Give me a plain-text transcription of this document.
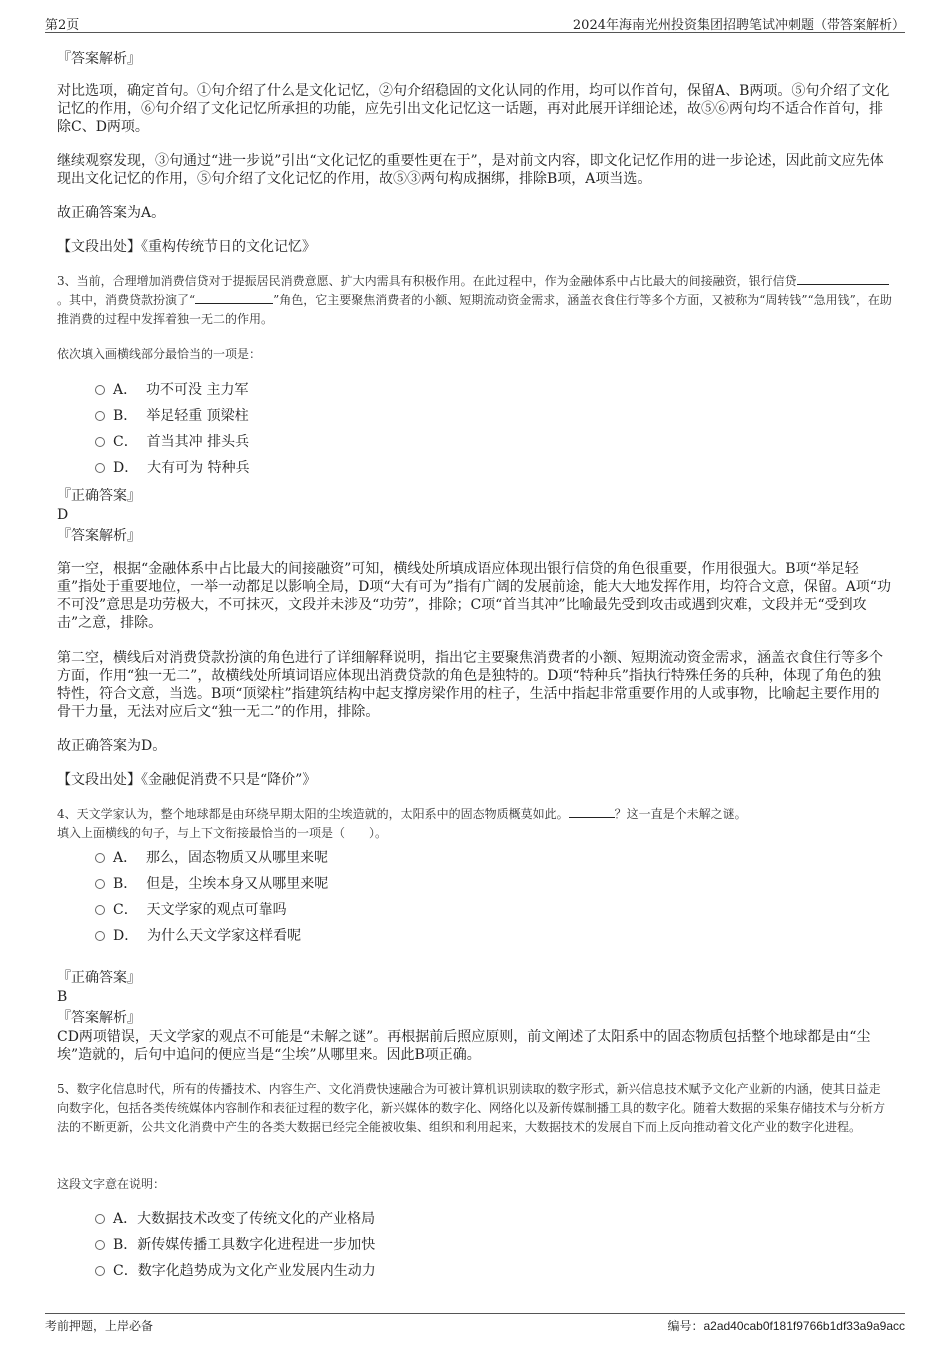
第2页	2024年海南光州投资集团招聘笔试冲刺题（带答案解析）
『答案解析』
对比选项，确定首句。①句介绍了什么是文化记忆，②句介绍稳固的文化认同的作用，均可以作首句，保留A、B两项。⑤句介绍了文化记忆的作用，⑥句介绍了文化记忆所承担的功能，应先引出文化记忆这一话题，再对此展开详细论述，故⑤⑥两句均不适合作首句，排除C、D两项。
继续观察发现，③句通过“进一步说”引出“文化记忆的重要性更在于”，是对前文内容，即文化记忆作用的进一步论述，因此前文应先体现出文化记忆的作用，⑤句介绍了文化记忆的作用，故⑤③两句构成捆绑，排除B项，A项当选。
故正确答案为A。
【文段出处】《重构传统节日的文化记忆》
3、当前，合理增加消费信贷对于提振居民消费意愿、扩大内需具有积极作用。在此过程中，作为金融体系中占比最大的间接融资，银行信贷。其中，消费贷款扮演了“	”角色，它主要聚焦消费者的小额、短期流动资金需求，涵盖衣食住行等多个方面，又被称为“周转钱”“急用钱”，在助推消费的过程中发挥着独一无二的作用。
依次填入画横线部分最恰当的一项是：
A． 功不可没 主力军
B． 举足轻重 顶梁柱
C． 首当其冲 排头兵
D． 大有可为 特种兵
『正确答案』
D
『答案解析』
第一空，根据“金融体系中占比最大的间接融资”可知，横线处所填成语应体现出银行信贷的角色很重要，作用很强大。B项“举足轻重”指处于重要地位，一举一动都足以影响全局，D项“大有可为”指有广阔的发展前途，能大大地发挥作用，均符合文意，保留。A项“功不可没”意思是功劳极大，不可抹灭，文段并未涉及“功劳”，排除；C项“首当其冲”比喻最先受到攻击或遇到灾难，文段并无“受到攻击”之意，排除。
第二空，横线后对消费贷款扮演的角色进行了详细解释说明，指出它主要聚焦消费者的小额、短期流动资金需求，涵盖衣食住行等多个方面，作用“独一无二”，故横线处所填词语应体现出消费贷款的角色是独特的。D项“特种兵”指执行特殊任务的兵种，体现了角色的独特性，符合文意，当选。B项“顶梁柱”指建筑结构中起支撑房梁作用的柱子，生活中指起非常重要作用的人或事物，比喻起主要作用的骨干力量，无法对应后文“独一无二”的作用，排除。
故正确答案为D。
【文段出处】《金融促消费不只是“降价”》
4、天文学家认为，整个地球都是由环绕早期太阳的尘埃造就的，太阳系中的固态物质概莫如此。	？这一直是个未解之谜。
填入上面横线的句子，与上下文衔接最恰当的一项是（　　）。
A． 那么，固态物质又从哪里来呢
B． 但是，尘埃本身又从哪里来呢
C． 天文学家的观点可靠吗
D． 为什么天文学家这样看呢
『正确答案』
B
『答案解析』
CD两项错误，天文学家的观点不可能是“未解之谜”。再根据前后照应原则，前文阐述了太阳系中的固态物质包括整个地球都是由“尘埃”造就的，后句中追问的便应当是“尘埃”从哪里来。因此B项正确。
5、数字化信息时代，所有的传播技术、内容生产、文化消费快速融合为可被计算机识别读取的数字形式，新兴信息技术赋予文化产业新的内涵，使其日益走向数字化，包括各类传统媒体内容制作和表征过程的数字化，新兴媒体的数字化、网络化以及新传媒制播工具的数字化。随着大数据的采集存储技术与分析方法的不断更新，公共文化消费中产生的各类大数据已经完全能被收集、组织和利用起来，大数据技术的发展自下而上反向推动着文化产业的数字化进程。
这段文字意在说明：
A．大数据技术改变了传统文化的产业格局
B．新传媒传播工具数字化进程进一步加快
C．数字化趋势成为文化产业发展内生动力
考前押题，上岸必备	编号：a2ad40cab0f181f9766b1df33a9a9acc
